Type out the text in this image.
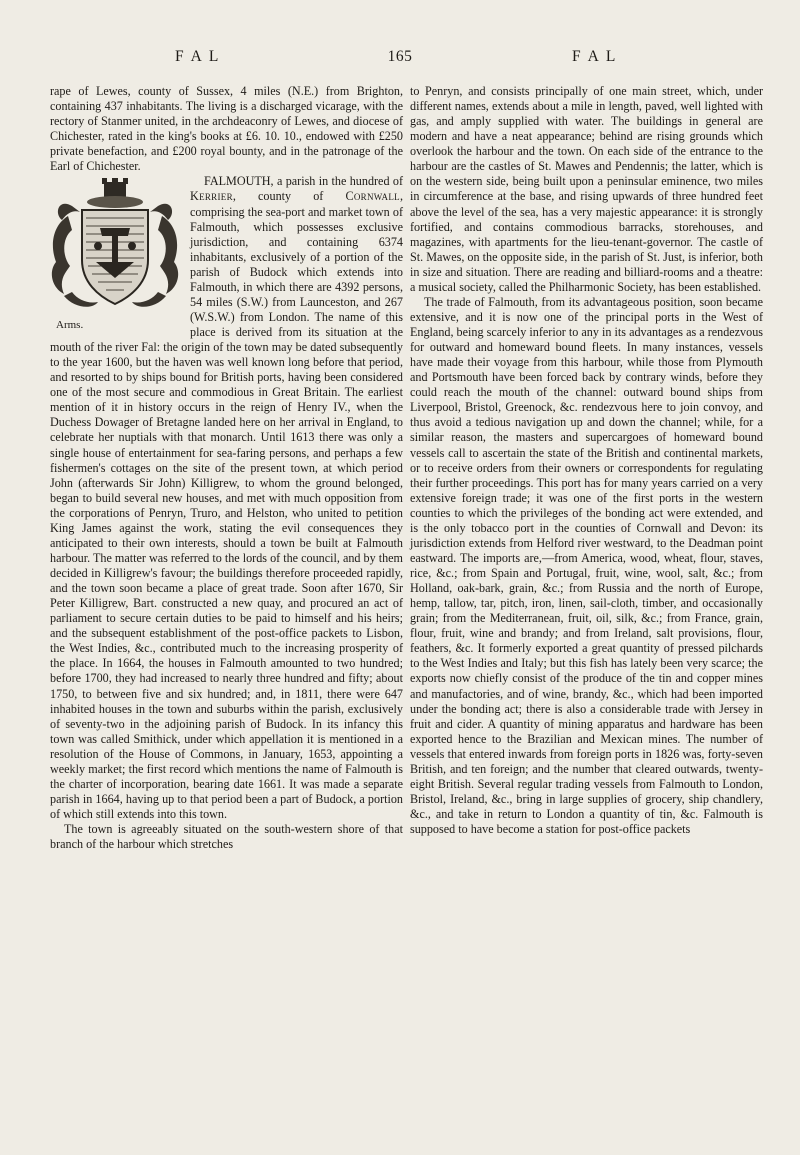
F A L	165	F A L

rape of Lewes, county of Sussex, 4 miles (N.E.) from Brighton, containing 437 inhabitants. The living is a discharged vicarage, with the rectory of Stanmer united, in the archdeaconry of Lewes, and diocese of Chichester, rated in the king's books at £6. 10. 10., endowed with £250 private benefaction, and £200 royal bounty, and in the patronage of the Earl of Chichester.

Arms.

FALMOUTH, a parish in the hundred of Kerrier, county of Cornwall, comprising the sea-port and market town of Falmouth, which possesses exclusive jurisdiction, and containing 6374 inhabitants, exclusively of a portion of the parish of Budock which extends into Falmouth, in which there are 4392 persons, 54 miles (S.W.) from Launceston, and 267 (W.S.W.) from London. The name of this place is derived from its situation at the mouth of the river Fal: the origin of the town may be dated subsequently to the year 1600, but the haven was well known long before that period, and resorted to by ships bound for British ports, having been considered one of the most secure and commodious in Great Britain. The earliest mention of it in history occurs in the reign of Henry IV., when the Duchess Dowager of Bretagne landed here on her arrival in England, to celebrate her nuptials with that monarch. Until 1613 there was only a single house of entertainment for sea-faring persons, and perhaps a few fishermen's cottages on the site of the present town, at which period John (afterwards Sir John) Killigrew, to whom the ground belonged, began to build several new houses, and met with much opposition from the corporations of Penryn, Truro, and Helston, who united to petition King James against the work, stating the evil consequences they anticipated to their own interests, should a town be built at Falmouth harbour. The matter was referred to the lords of the council, and by them decided in Killigrew's favour; the buildings therefore proceeded rapidly, and the town soon became a place of great trade. Soon after 1670, Sir Peter Killigrew, Bart. constructed a new quay, and procured an act of parliament to secure certain duties to be paid to himself and his heirs; and the subsequent establishment of the post-office packets to Lisbon, the West Indies, &c., contributed much to the increasing prosperity of the place. In 1664, the houses in Falmouth amounted to two hundred; before 1700, they had increased to nearly three hundred and fifty; about 1750, to between five and six hundred; and, in 1811, there were 647 inhabited houses in the town and suburbs within the parish, exclusively of seventy-two in the adjoining parish of Budock. In its infancy this town was called Smithick, under which appellation it is mentioned in a resolution of the House of Commons, in January, 1653, appointing a weekly market; the first record which mentions the name of Falmouth is the charter of incorporation, bearing date 1661. It was made a separate parish in 1664, having up to that period been a part of Budock, a portion of which still extends into this town.

The town is agreeably situated on the south-western shore of that branch of the harbour which stretches

to Penryn, and consists principally of one main street, which, under different names, extends about a mile in length, paved, well lighted with gas, and amply supplied with water. The buildings in general are modern and have a neat appearance; behind are rising grounds which overlook the harbour and the town. On each side of the entrance to the harbour are the castles of St. Mawes and Pendennis; the latter, which is on the western side, being built upon a peninsular eminence, two miles in circumference at the base, and rising upwards of three hundred feet above the level of the sea, has a very majestic appearance: it is strongly fortified, and contains commodious barracks, storehouses, and magazines, with apartments for the lieu-tenant-governor. The castle of St. Mawes, on the opposite side, in the parish of St. Just, is inferior, both in size and situation. There are reading and billiard-rooms and a theatre: a musical society, called the Philharmonic Society, has been established.

The trade of Falmouth, from its advantageous position, soon became extensive, and it is now one of the principal ports in the West of England, being scarcely inferior to any in its advantages as a rendezvous for outward and homeward bound fleets. In many instances, vessels have made their voyage from this harbour, while those from Plymouth and Portsmouth have been forced back by contrary winds, before they could reach the mouth of the channel: outward bound ships from Liverpool, Bristol, Greenock, &c. rendezvous here to join convoy, and thus avoid a tedious navigation up and down the channel; while, for a similar reason, the masters and supercargoes of homeward bound vessels call to ascertain the state of the British and continental markets, or to receive orders from their owners or correspondents for regulating their further proceedings. This port has for many years carried on a very extensive foreign trade; it was one of the first ports in the western counties to which the privileges of the bonding act were extended, and is the only tobacco port in the counties of Cornwall and Devon: its jurisdiction extends from Helford river westward, to the Deadman point eastward. The imports are,—from America, wood, wheat, flour, staves, rice, &c.; from Spain and Portugal, fruit, wine, wool, salt, &c.; from Holland, oak-bark, grain, &c.; from Russia and the north of Europe, hemp, tallow, tar, pitch, iron, linen, sail-cloth, timber, and occasionally grain; from the Mediterranean, fruit, oil, silk, &c.; from France, grain, flour, fruit, wine and brandy; and from Ireland, salt provisions, flour, feathers, &c. It formerly exported a great quantity of pressed pilchards to the West Indies and Italy; but this fish has lately been very scarce; the exports now chiefly consist of the produce of the tin and copper mines and manufactories, and of wine, brandy, &c., which had been imported under the bonding act; there is also a considerable trade with Jersey in fruit and cider. A quantity of mining apparatus and hardware has been exported hence to the Brazilian and Mexican mines. The number of vessels that entered inwards from foreign ports in 1826 was, forty-seven British, and ten foreign; and the number that cleared outwards, twenty-eight British. Several regular trading vessels from Falmouth to London, Bristol, Ireland, &c., bring in large supplies of grocery, ship chandlery, &c., and take in return to London a quantity of tin, &c. Falmouth is supposed to have become a station for post-office packets
